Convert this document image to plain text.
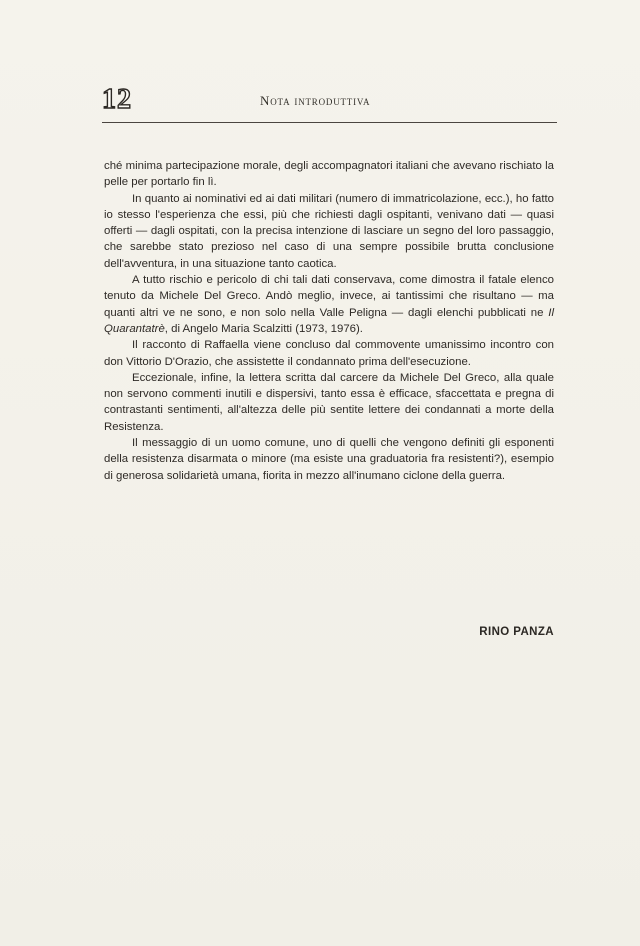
12	Nota introduttiva

ché minima partecipazione morale, degli accompagnatori italiani che avevano rischiato la pelle per portarlo fin lì.

In quanto ai nominativi ed ai dati militari (numero di immatricolazione, ecc.), ho fatto io stesso l'esperienza che essi, più che richiesti dagli ospitanti, venivano dati — quasi offerti — dagli ospitati, con la precisa intenzione di lasciare un segno del loro passaggio, che sarebbe stato prezioso nel caso di una sempre possibile brutta conclusione dell'avventura, in una situazione tanto caotica.

A tutto rischio e pericolo di chi tali dati conservava, come dimostra il fatale elenco tenuto da Michele Del Greco. Andò meglio, invece, ai tantissimi che risultano — ma quanti altri ve ne sono, e non solo nella Valle Peligna — dagli elenchi pubblicati ne Il Quarantatrè, di Angelo Maria Scalzitti (1973, 1976).

Il racconto di Raffaella viene concluso dal commovente umanissimo incontro con don Vittorio D'Orazio, che assistette il condannato prima dell'esecuzione.

Eccezionale, infine, la lettera scritta dal carcere da Michele Del Greco, alla quale non servono commenti inutili e dispersivi, tanto essa è efficace, sfaccettata e pregna di contrastanti sentimenti, all'altezza delle più sentite lettere dei condannati a morte della Resistenza.

Il messaggio di un uomo comune, uno di quelli che vengono definiti gli esponenti della resistenza disarmata o minore (ma esiste una graduatoria fra resistenti?), esempio di generosa solidarietà umana, fiorita in mezzo all'inumano ciclone della guerra.

RINO PANZA
